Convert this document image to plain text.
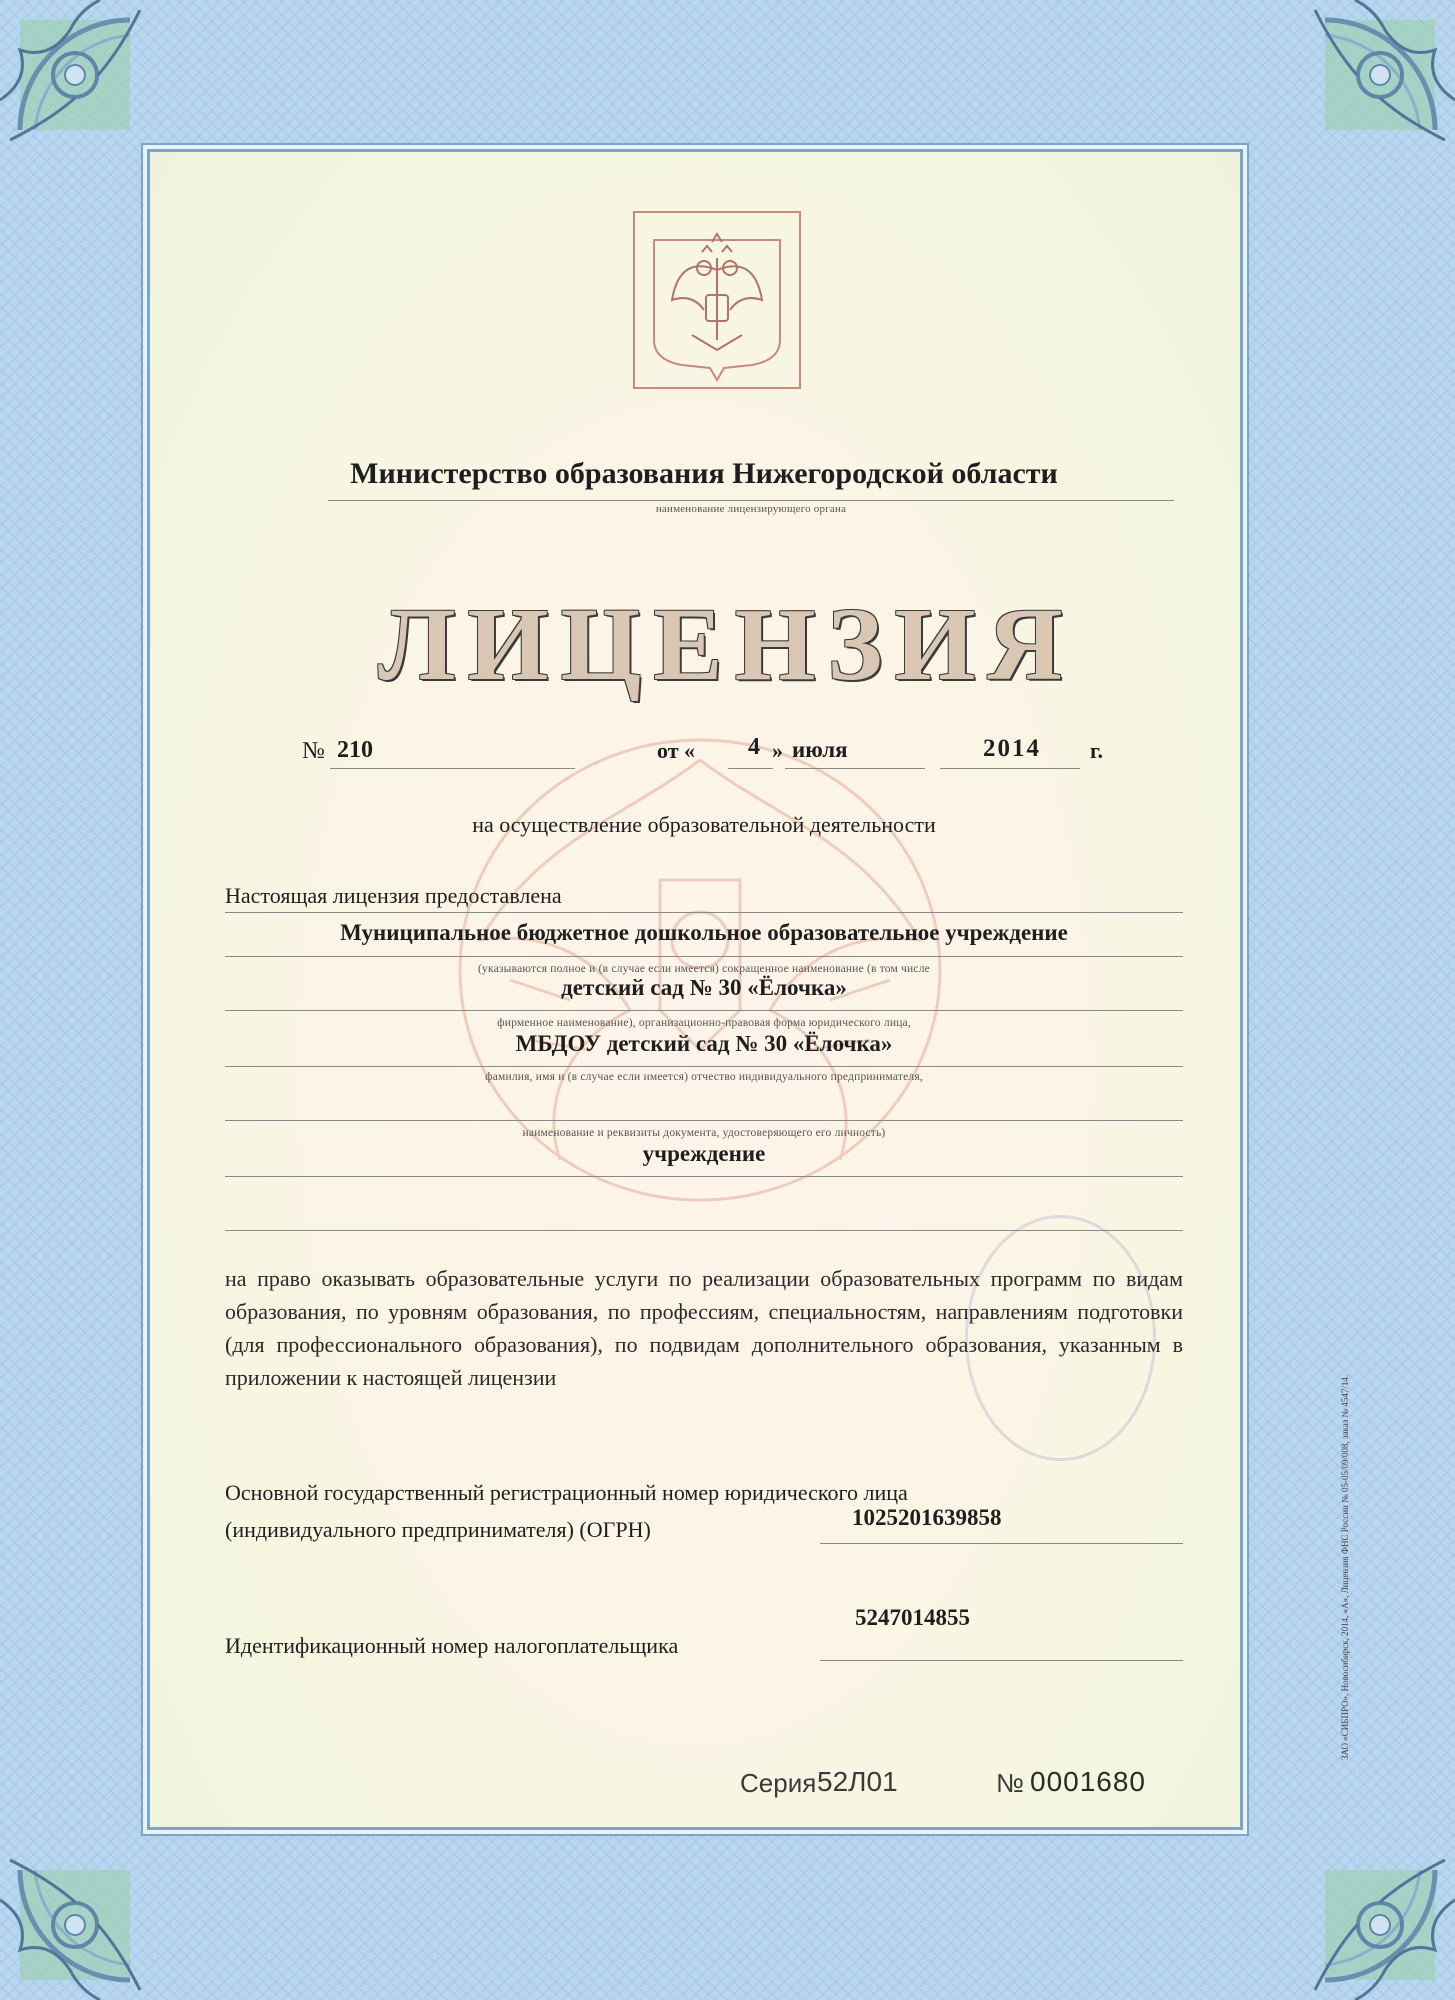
Министерство образования Нижегородской области
наименование лицензирующего органа
ЛИЦЕНЗИЯ
№ 210	от « 4 » июля	2014 г.
на осуществление образовательной деятельности
Настоящая лицензия предоставлена
Муниципальное бюджетное дошкольное образовательное учреждение
(указываются полное и (в случае если имеется) сокращенное наименование (в том числе
детский сад № 30 «Ёлочка»
фирменное наименование), организационно-правовая форма юридического лица,
МБДОУ детский сад № 30 «Ёлочка»
фамилия, имя и (в случае если имеется) отчество индивидуального предпринимателя,
наименование и реквизиты документа, удостоверяющего его личность)
учреждение
на право оказывать образовательные услуги по реализации образовательных программ по видам образования, по уровням образования, по профессиям, специальностям, направлениям подготовки (для профессионального образования), по подвидам дополнительного образования, указанным в приложении к настоящей лицензии
Основной государственный регистрационный номер юридического лица
(индивидуального предпринимателя) (ОГРН)	1025201639858
5247014855
Идентификационный номер налогоплательщика
Серия 52Л01	№ 0001680
ЗАО «СИБПРО», Новосибирск, 2014, «А», Лицензия ФНС России № 05-05/09/008, заказ № 4547/14.
